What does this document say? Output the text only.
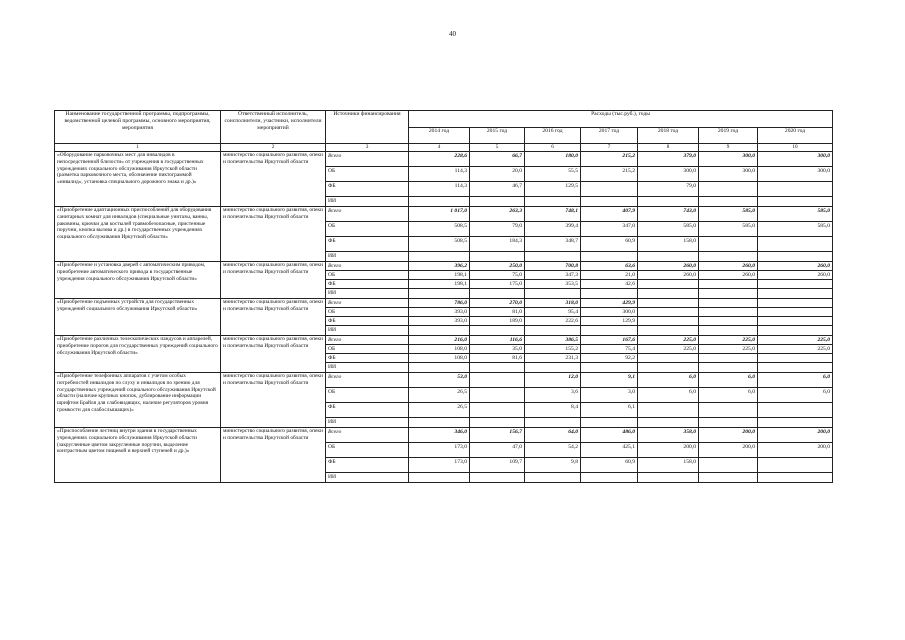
40
Наименование государственной программы, подпрограммы, ведомственной целевой программы, основного мероприятия, мероприятия	Ответственный исполнитель, соисполнители, участники, исполнители мероприятий	Источники финансирования	Расходы (тыс.руб.), годы						
			2014 год	2015 год	2016 год	2017 год	2018 год	2019 год	2020 год
1	2	3	4	5	6	7	8	9	10
«Оборудование парковочных мест для инвалидов в непосредственной близости» от учреждения в государственных учреждениях социального обслуживания Иркутской области (разметка парковочного места, обозначение пиктограммой «инвалид», установка специального дорожного знака и др.)»	министерство социального развития, опеки и попечительства Иркутской области	Всего	228,6	66,7	180,0	215,2	379,0	300,0	300,0
		ОБ	114,3	20,0	55,5	215,2	300,0	300,0	300,0
		ФБ	114,3	46,7	129,5		79,0		
		ИИ							
«Приобретение адаптационных приспособлений для оборудования санитарных комнат для инвалидов (специальные унитазы, ванны, раковины, крючки для костылей травмобезопасные, пристенные поручни, кнопка вызова и др.) в государственных учреждениях социального обслуживания Иркутской области»	министерство социального развития, опеки и попечительства Иркутской области	Всего	1 017,0	263,3	748,1	407,9	743,0	585,0	585,0
		ОБ	508,5	79,0	399,4	347,0	585,0	585,0	585,0
		ФБ	508,5	184,3	348,7	60,9	158,0		
		ИИ							
«Приобретение и установка дверей с автоматическим приводом, приобретение автоматического привода в государственные учреждения социального обслуживания Иркутской области»	министерство социального развития, опеки и попечительства Иркутской области	Всего	396,2	250,0	700,8	63,6	260,0	260,0	260,0
		ОБ	198,1	75,0	347,3	21,0	260,0	260,0	260,0
		ФБ	198,1	175,0	353,5	42,6			
		ИИ							
«Приобретение подъемных устройств для государственных учреждений социального обслуживания Иркутской области»	министерство социального развития, опеки и попечительства Иркутской области	Всего	786,0	270,0	318,0	429,9			
		ОБ	393,0	81,0	95,4	300,0			
		ФБ	393,0	189,0	222,6	129,9			
		ИИ							
«Приобретение различных телескопических пандусов и аппарелей, приобретение порогов для государственных учреждений социального обслуживания Иркутской области»	министерство социального развития, опеки и попечительства Иркутской области	Всего	216,0	116,6	386,5	167,6	225,0	225,0	225,0
		ОБ	108,0	35,0	155,2	75,4	225,0	225,0	225,0
		ФБ	108,0	81,6	231,3	92,2			
		ИИ							
«Приобретение телефонных аппаратов с учетом особых потребностей инвалидов по слуху и инвалидов по зрению для государственных учреждений социального обслуживания Иркутской области (наличие крупных кнопок, дублирование информации шрифтом Брайля для слабовидящих, наличие регуляторов уровня громкости для слабослышащих)»	министерство социального развития, опеки и попечительства Иркутской области	Всего	53,0		12,0	9,1	6,0	6,0	6,0
		ОБ	26,5		3,6	3,0	6,0	6,0	6,0
		ФБ	26,5		8,4	6,1			
		ИИ							
«Приспособление лестниц внутри здания в государственных учреждениях социального обслуживания Иркутской области (закругленные цветом закругленные поручни, выделение контрастным цветом пищевой и верхней ступеней и др.)»	министерство социального развития, опеки и попечительства Иркутской области	Всего	346,0	156,7	64,0	486,0	358,0	200,0	200,0
		ОБ	173,0	47,0	54,2	425,1	200,0	200,0	200,0
		ФБ	173,0	109,7	9,8	60,9	158,0		
		ИИ							
